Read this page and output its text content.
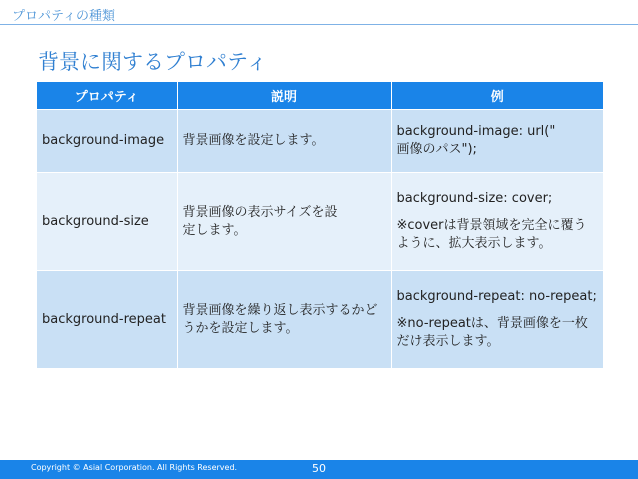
プロパティの種類
背景に関するプロパティ
プロパティ	説明	例
background-image	背景画像を設定します。	background-image: url("
画像のパス");
background-size	背景画像の表示サイズを設
定します。	background-size: cover;
※coverは背景領域を完全に覆うように、拡大表示します。
background-repeat	背景画像を繰り返し表示するかどうかを設定します。	background-repeat: no-repeat;
※no-repeatは、背景画像を一枚だけ表示します。
Copyright © Asial Corporation. All Rights Reserved.	50
